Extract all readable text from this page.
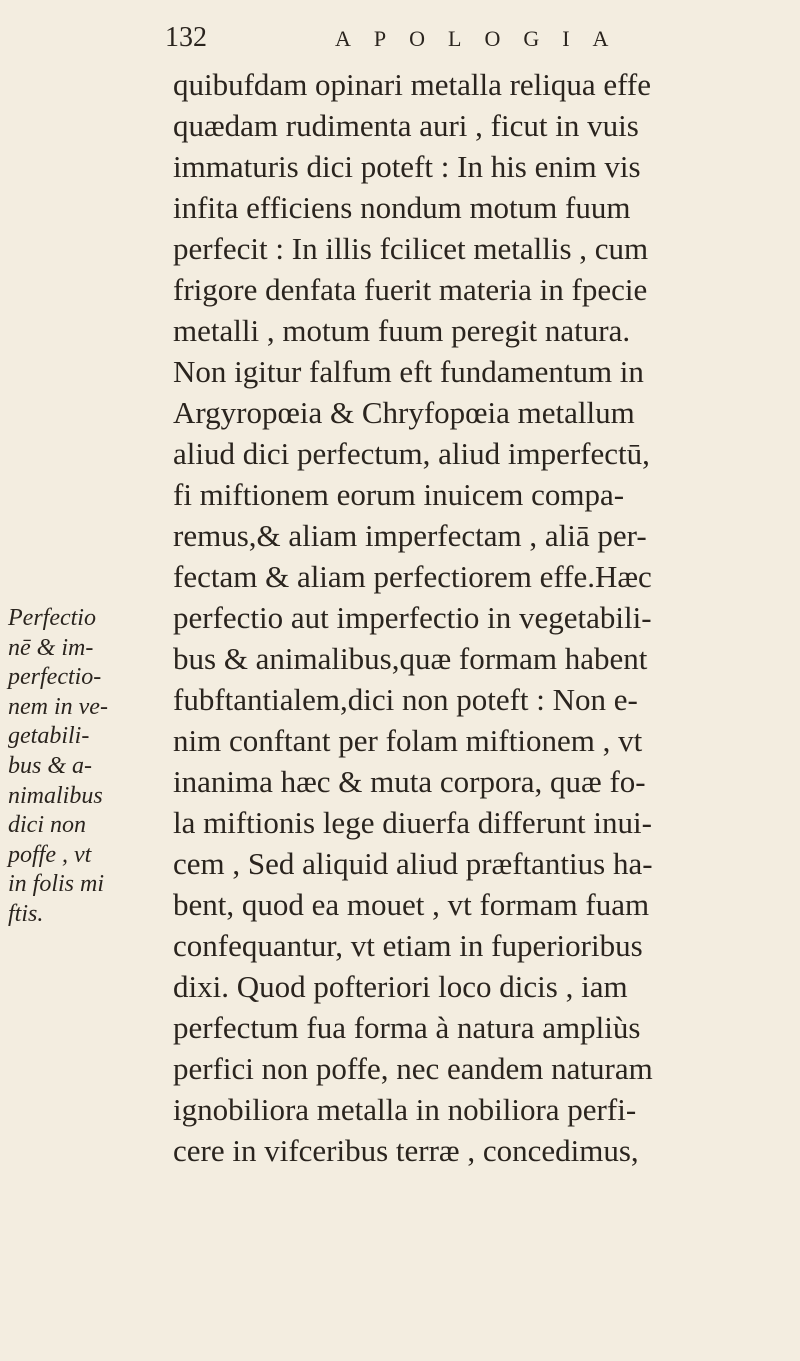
132	APOLOGIA
Perfectio
nē & im-
perfectio-
nem in ve-
getabili-
bus & a-
nimalibus
dici non
poffe , vt
in folis mi
ftis.
quibufdam opinari metalla reliqua effe
quædam rudimenta auri , ficut in vuis
immaturis dici poteft : In his enim vis
infita efficiens nondum motum fuum
perfecit : In illis fcilicet metallis , cum
frigore denfata fuerit materia in fpecie
metalli , motum fuum peregit natura.
Non igitur falfum eft fundamentum in
Argyropœia & Chryfopœia metallum
aliud dici perfectum, aliud imperfectū,
fi miftionem eorum inuicem compa-
remus,& aliam imperfectam , aliā per-
fectam & aliam perfectiorem effe.Hæc
perfectio aut imperfectio in vegetabili-
bus & animalibus,quæ formam habent
fubftantialem,dici non poteft : Non e-
nim conftant per folam miftionem , vt
inanima hæc & muta corpora, quæ fo-
la miftionis lege diuerfa differunt inui-
cem , Sed aliquid aliud præftantius ha-
bent, quod ea mouet , vt formam fuam
confequantur, vt etiam in fuperioribus
dixi. Quod pofteriori loco dicis , iam
perfectum fua forma à natura ampliùs
perfici non poffe, nec eandem naturam
ignobiliora metalla in nobiliora perfi-
cere in vifceribus terræ , concedimus,
